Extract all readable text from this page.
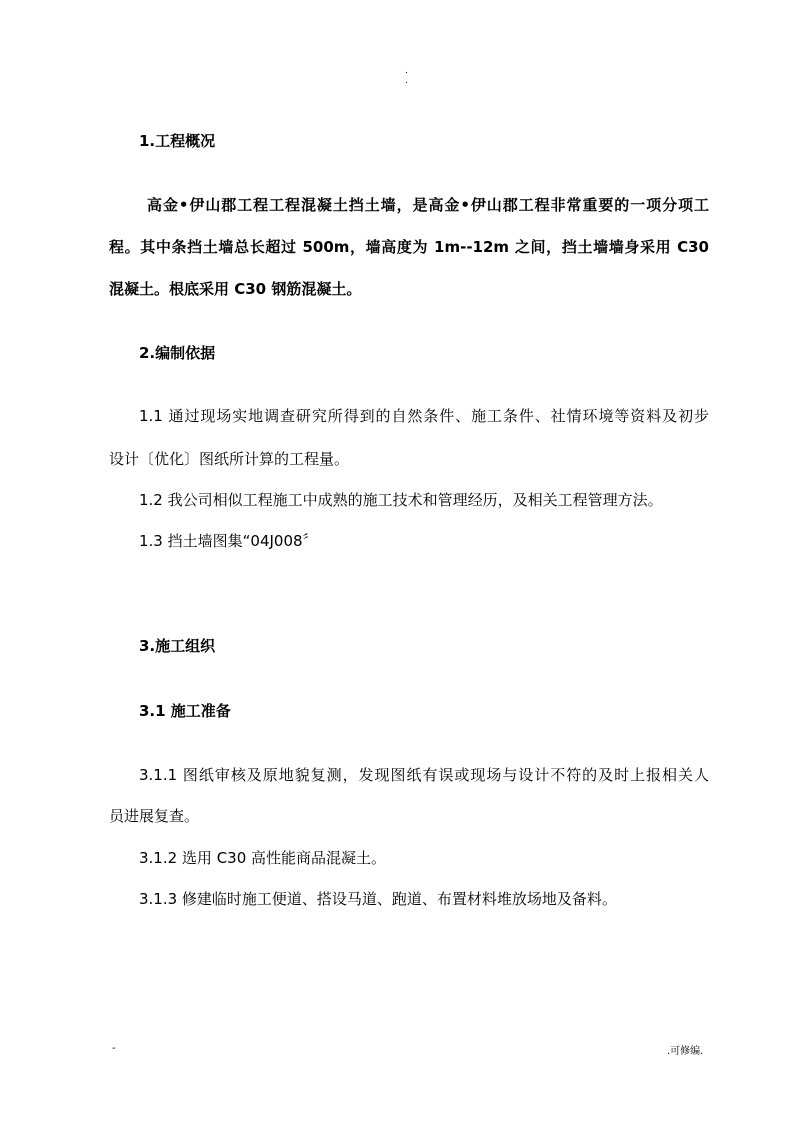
.
.
1.工程概况
高金•伊山郡工程工程混凝土挡土墙，是高金•伊山郡工程非常重要的一项分项工
程。其中条挡土墙总长超过 500m，墙高度为 1m--12m 之间，挡土墙墙身采用 C30
混凝土。根底采用 C30 钢筋混凝土。
2.编制依据
1.1 通过现场实地调查研究所得到的自然条件、施工条件、社情环境等资料及初步
设计〔优化〕图纸所计算的工程量。
1.2 我公司相似工程施工中成熟的施工技术和管理经历，及相关工程管理方法。
1.3 挡土墙图集“04J008〞
3.施工组织
3.1 施工准备
3.1.1 图纸审核及原地貌复测，发现图纸有误或现场与设计不符的及时上报相关人
员进展复查。
3.1.2 选用 C30 高性能商品混凝土。
3.1.3 修建临时施工便道、搭设马道、跑道、布置材料堆放场地及备料。
-	.可修编.
